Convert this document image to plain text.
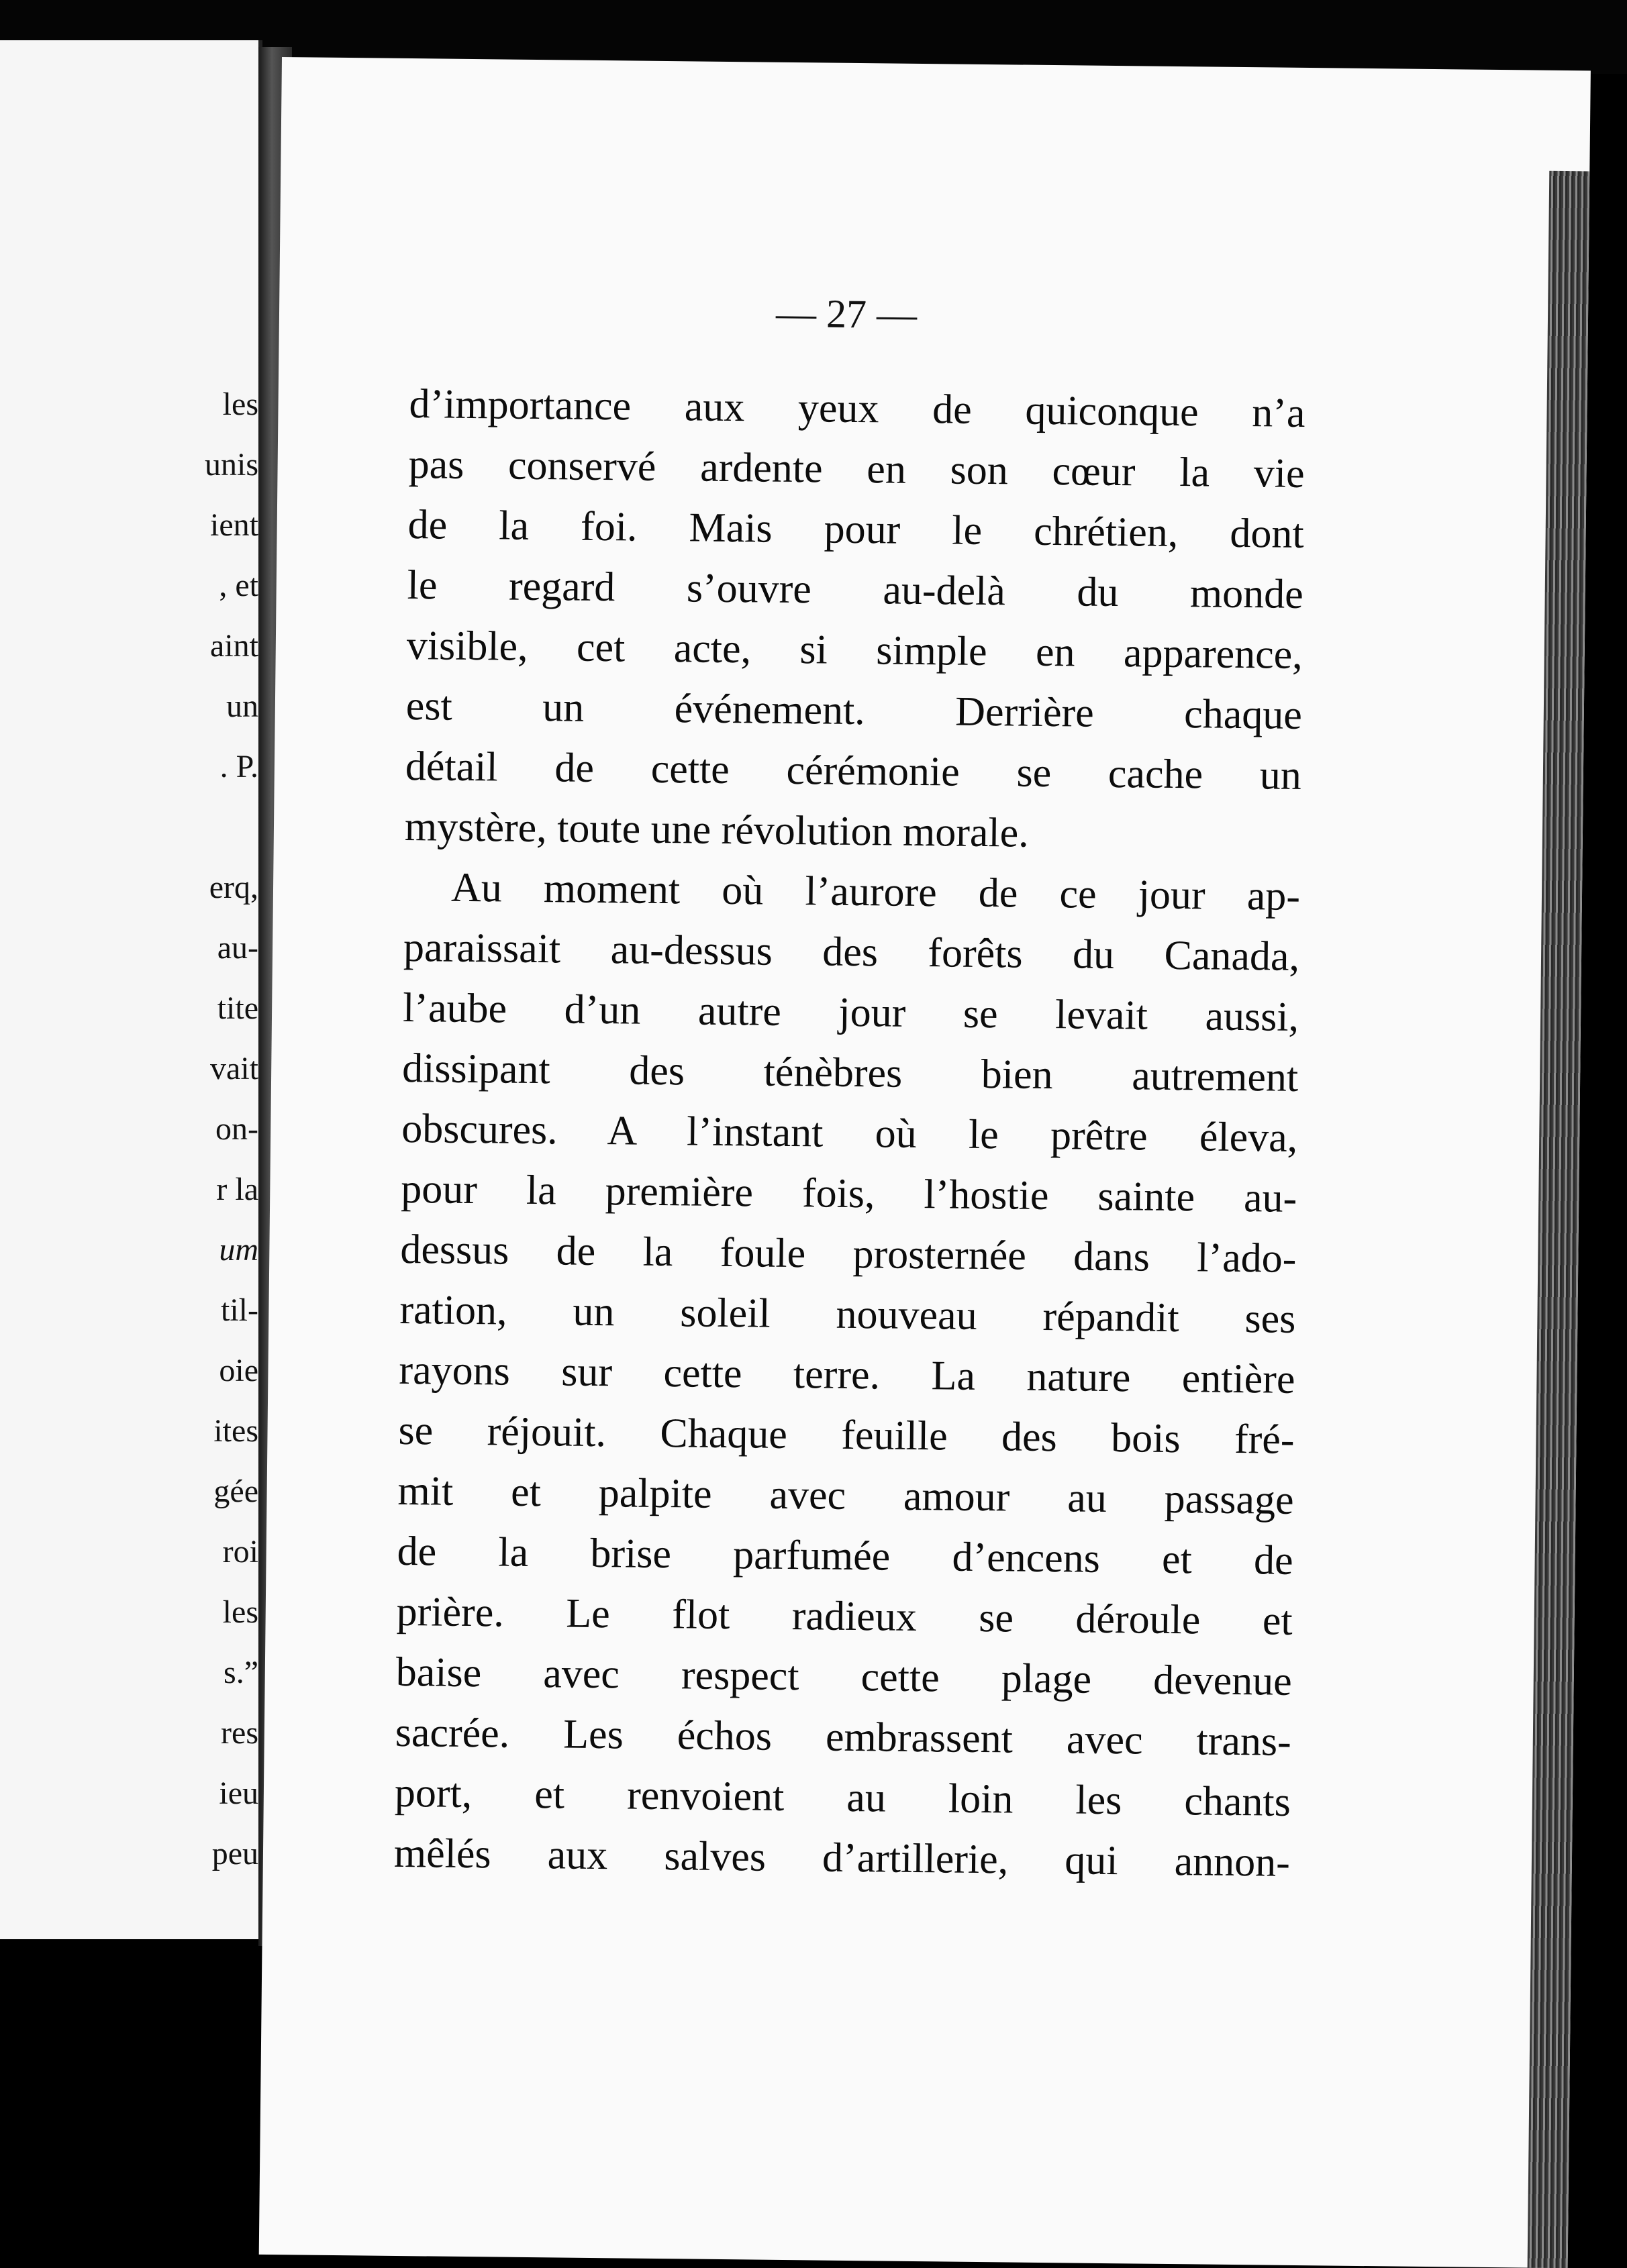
les
unis
ient
, et
aint
un
. P.
erq,
au-
tite
vait
on-
r la
um
til-
oie
ites
gée
roi
les
s.”
res
ieu
peu
— 27 —
d’importance aux yeux de quiconque n’a
pas conservé ardente en son cœur la vie
de la foi. Mais pour le chrétien, dont
le regard s’ouvre au-delà du monde
visible, cet acte, si simple en apparence,
est un événement. Derrière chaque
détail de cette cérémonie se cache un
mystère, toute une révolution morale.
Au moment où l’aurore de ce jour ap-
paraissait au-dessus des forêts du Canada,
l’aube d’un autre jour se levait aussi,
dissipant des ténèbres bien autrement
obscures. A l’instant où le prêtre éleva,
pour la première fois, l’hostie sainte au-
dessus de la foule prosternée dans l’ado-
ration, un soleil nouveau répandit ses
rayons sur cette terre. La nature entière
se réjouit. Chaque feuille des bois fré-
mit et palpite avec amour au passage
de la brise parfumée d’encens et de
prière. Le flot radieux se déroule et
baise avec respect cette plage devenue
sacrée. Les échos embrassent avec trans-
port, et renvoient au loin les chants
mêlés aux salves d’artillerie, qui annon-
